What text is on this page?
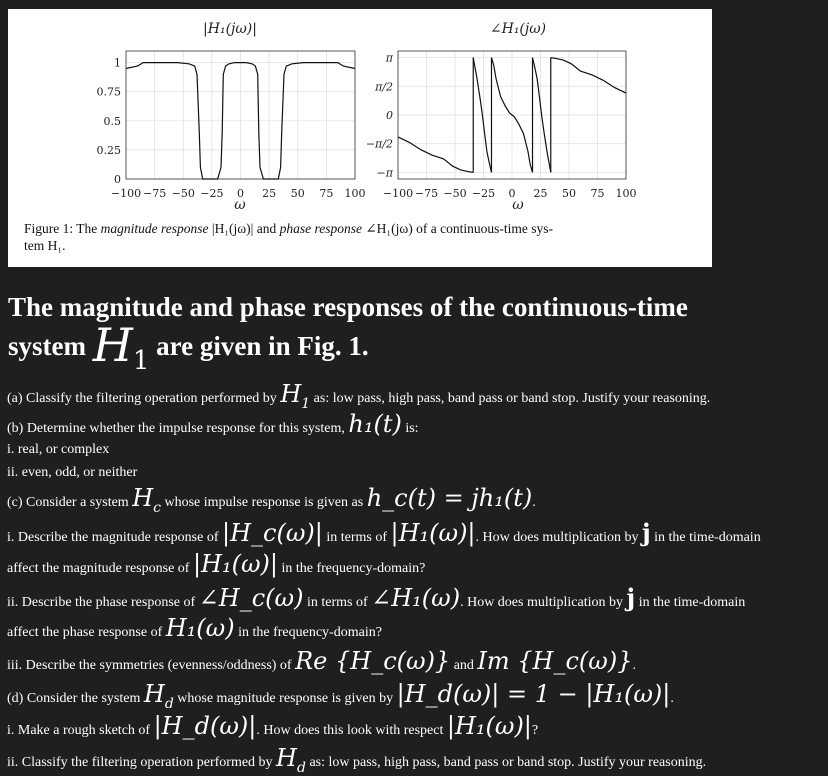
|H₁(jω)|
0
0.25
0.5
0.75
1
−100 −75 −50 −25 0 25 50 75 100
ω
∠H₁(jω)
−π
−π/2
0
π/2
π
−100 −75 −50 −25 0 25 50 75 100
ω
Figure 1: The magnitude response |H₁(jω)| and phase response ∠H₁(jω) of a continuous-time sys-
tem H₁.
The magnitude and phase responses of the continuous-time
system $H_1$ are given in Fig. 1.
(a) Classify the filtering operation performed by $H_1$ as: low pass, high pass, band pass or band stop. Justify your reasoning.
(b) Determine whether the impulse response for this system, h₁(t) is:
i. real, or complex
ii. even, odd, or neither
(c) Consider a system $H_c$ whose impulse response is given as h_c(t) = jh₁(t).
i. Describe the magnitude response of |H_c(ω)| in terms of |H₁(ω)|. How does multiplication by j in the time-domain
affect the magnitude response of |H₁(ω)| in the frequency-domain?
ii. Describe the phase response of ∠H_c(ω) in terms of ∠H₁(ω). How does multiplication by j in the time-domain
affect the phase response of H₁(ω) in the frequency-domain?
iii. Describe the symmetries (evenness/oddness) of Re {H_c(ω)} and Im {H_c(ω)}.
(d) Consider the system $H_d$ whose magnitude response is given by |H_d(ω)| = 1 − |H₁(ω)|.
i. Make a rough sketch of |H_d(ω)|. How does this look with respect |H₁(ω)|?
ii. Classify the filtering operation performed by $H_d$ as: low pass, high pass, band pass or band stop. Justify your reasoning.
